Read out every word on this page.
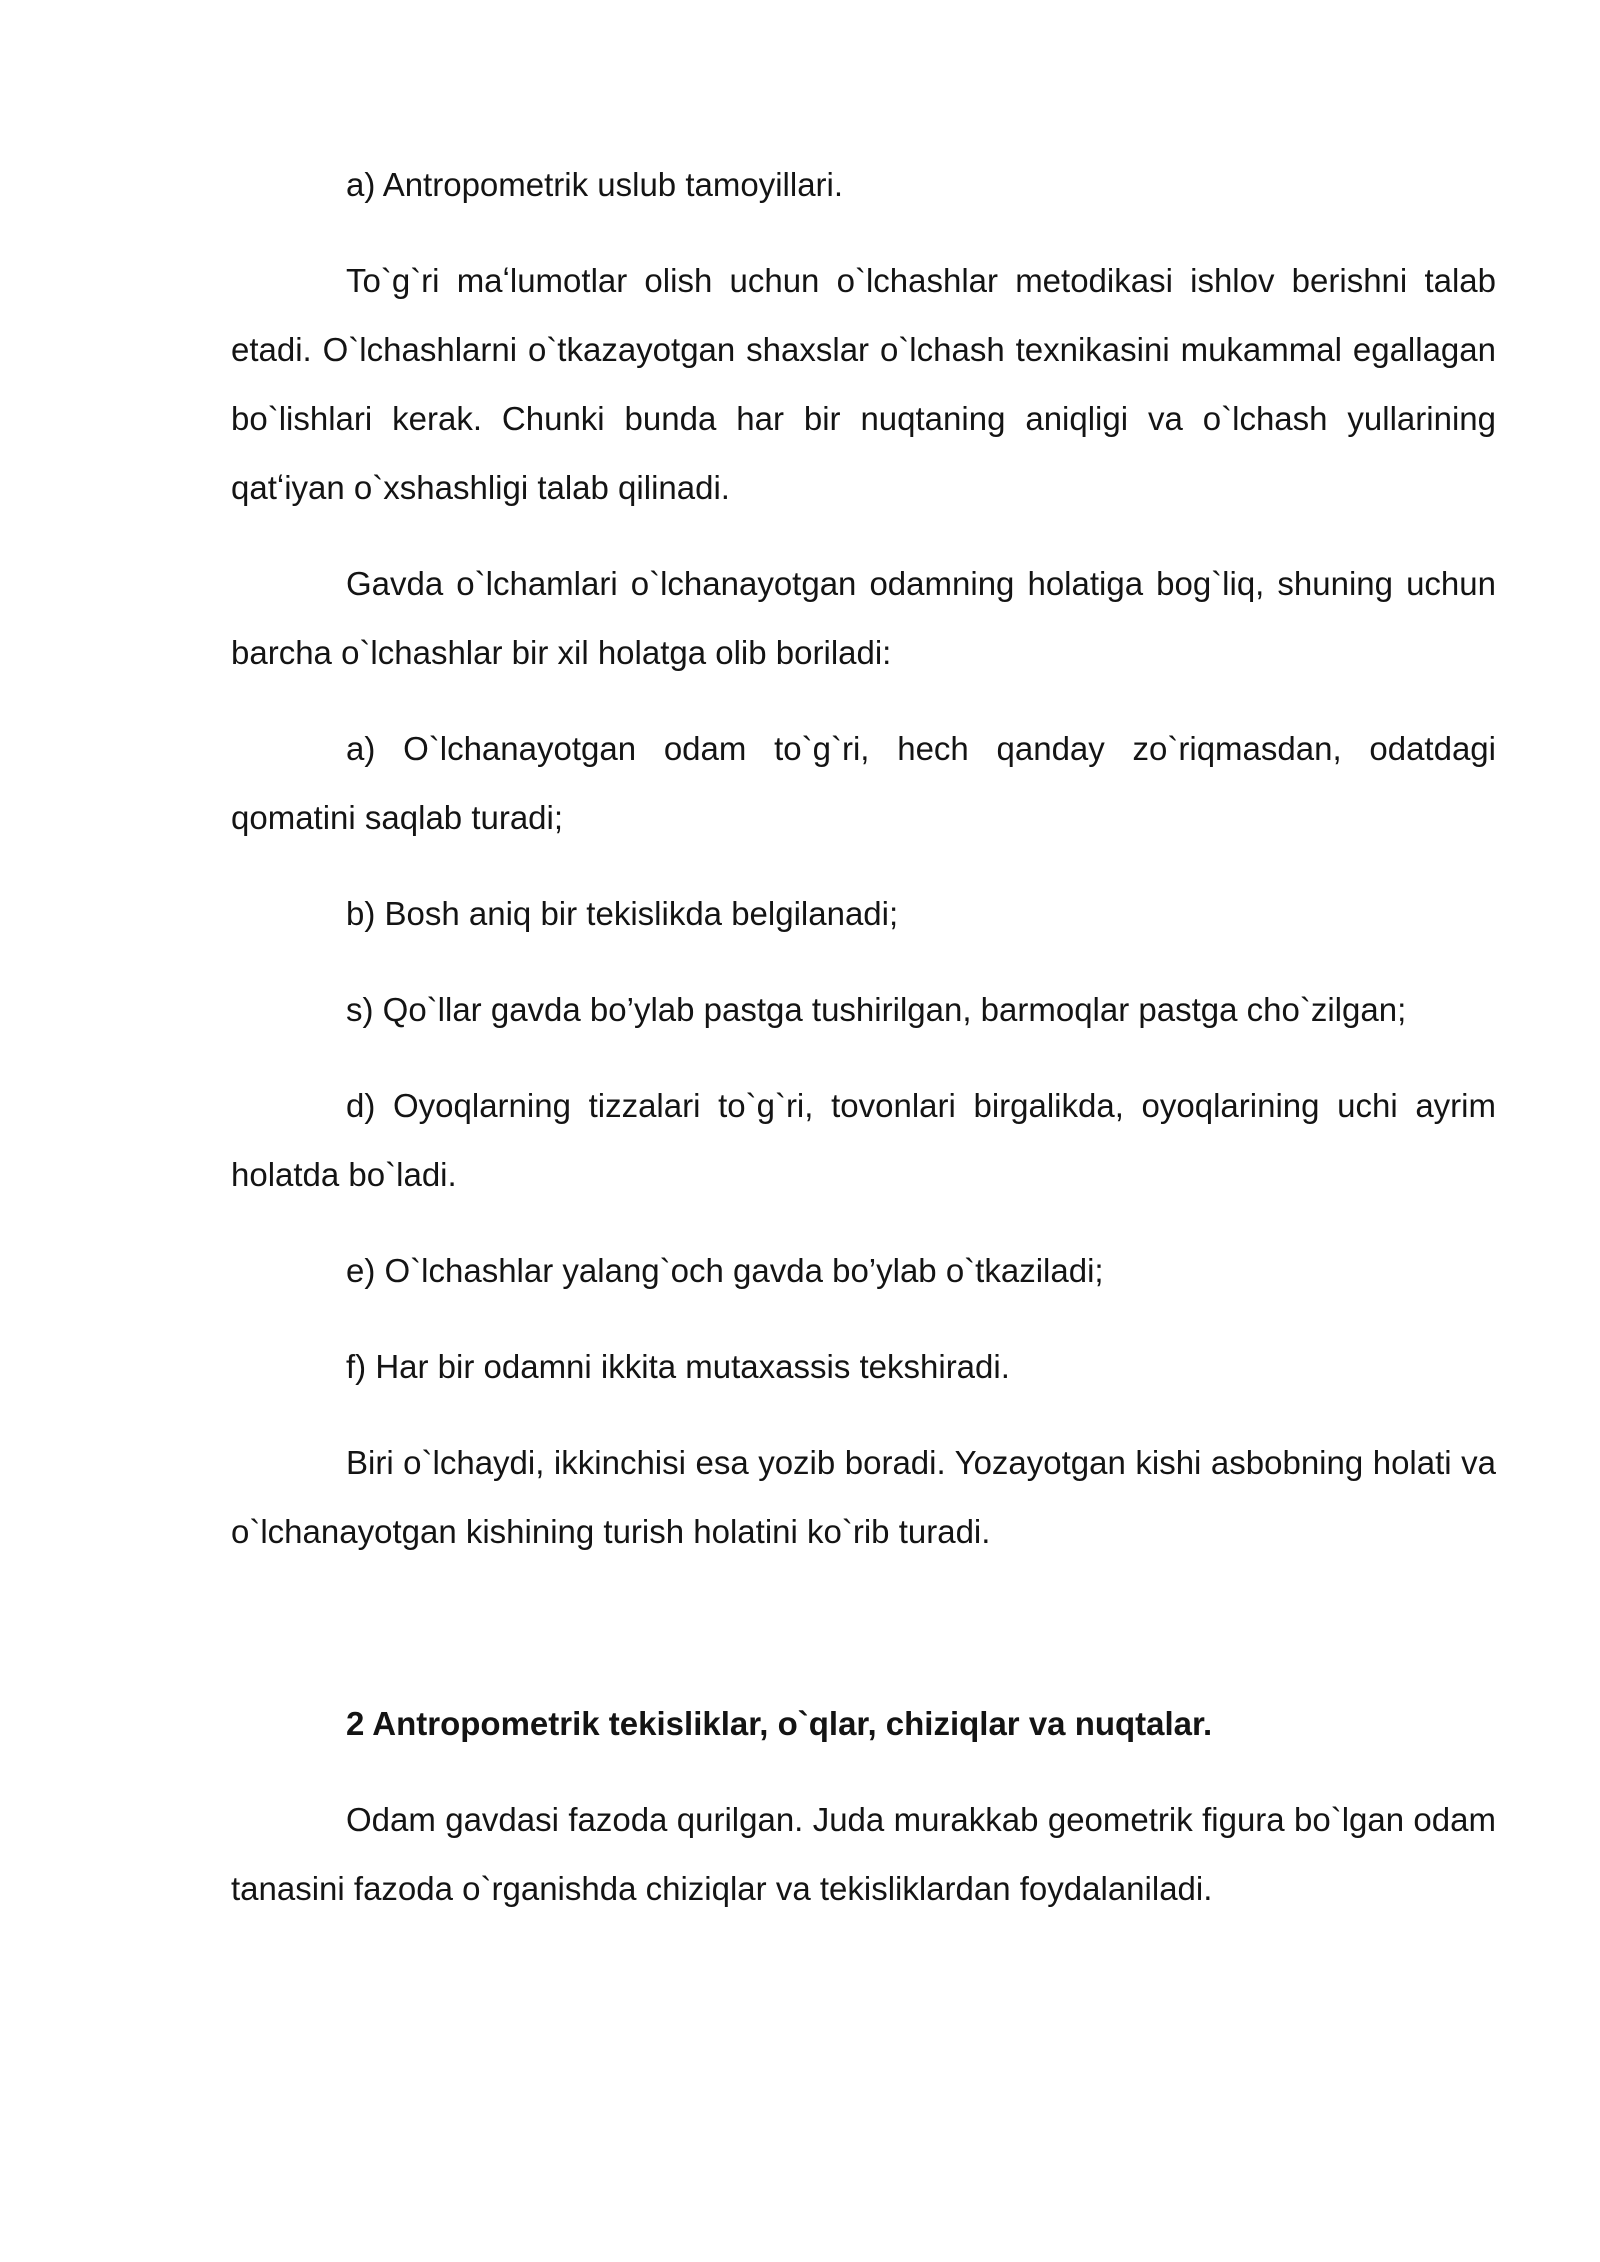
a) Antropometrik uslub tamoyillari.

To`g`ri maʻlumotlar olish uchun o`lchashlar metodikasi ishlov berishni talab etadi. O`lchashlarni o`tkazayotgan shaxslar o`lchash texnikasini mukammal egallagan bo`lishlari kerak. Chunki bunda har bir nuqtaning aniqligi va o`lchash yullarining qatʻiyan o`xshashligi talab qilinadi.

Gavda o`lchamlari o`lchanayotgan odamning holatiga bog`liq, shuning uchun barcha o`lchashlar bir xil holatga olib boriladi:

a) O`lchanayotgan odam to`g`ri, hech qanday zo`riqmasdan, odatdagi qomatini saqlab turadi;

b) Bosh aniq bir tekislikda belgilanadi;

s) Qo`llar gavda bo’ylab pastga tushirilgan, barmoqlar pastga cho`zilgan;

d) Oyoqlarning tizzalari to`g`ri, tovonlari birgalikda, oyoqlarining uchi ayrim holatda bo`ladi.

e) O`lchashlar yalang`och gavda bo’ylab o`tkaziladi;

f) Har bir odamni ikkita mutaxassis tekshiradi.

Biri o`lchaydi, ikkinchisi esa yozib boradi. Yozayotgan kishi asbobning holati va o`lchanayotgan kishining turish holatini ko`rib turadi.

2 Antropometrik tekisliklar, o`qlar, chiziqlar va nuqtalar.

Odam gavdasi fazoda qurilgan. Juda murakkab geometrik figura bo`lgan odam tanasini fazoda o`rganishda chiziqlar va tekisliklardan foydalaniladi.
